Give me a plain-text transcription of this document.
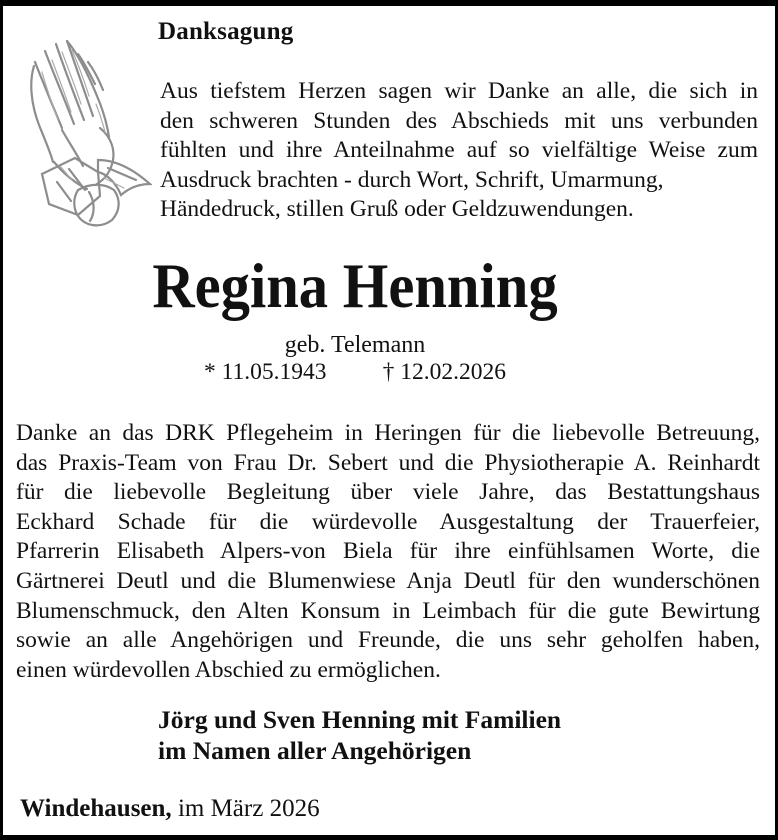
Danksagung
Aus tiefstem Herzen sagen wir Danke an alle, die sich in
den schweren Stunden des Abschieds mit uns verbunden
fühlten und ihre Anteilnahme auf so vielfältige Weise zum
Ausdruck brachten - durch Wort, Schrift, Umarmung,
Händedruck, stillen Gruß oder Geldzuwendungen.
Regina Henning
geb. Telemann
* 11.05.1943 † 12.02.2026
Danke an das DRK Pflegeheim in Heringen für die liebevolle Betreuung,
das Praxis-Team von Frau Dr. Sebert und die Physiotherapie A. Reinhardt
für die liebevolle Begleitung über viele Jahre, das Bestattungshaus
Eckhard Schade für die würdevolle Ausgestaltung der Trauerfeier,
Pfarrerin Elisabeth Alpers-von Biela für ihre einfühlsamen Worte, die
Gärtnerei Deutl und die Blumenwiese Anja Deutl für den wunderschönen
Blumenschmuck, den Alten Konsum in Leimbach für die gute Bewirtung
sowie an alle Angehörigen und Freunde, die uns sehr geholfen haben,
einen würdevollen Abschied zu ermöglichen.
Jörg und Sven Henning mit Familien
im Namen aller Angehörigen
Windehausen, im März 2026
